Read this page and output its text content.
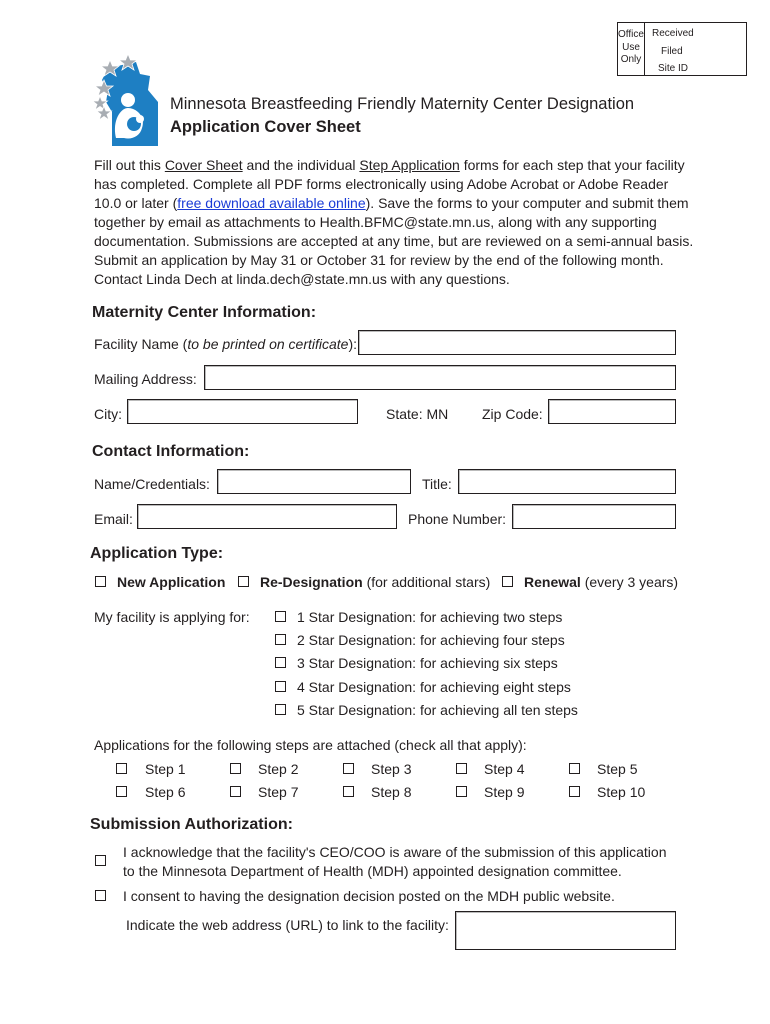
Office
Use
Only
Received
Filed
Site ID
Minnesota Breastfeeding Friendly Maternity Center Designation
Application Cover Sheet
Fill out this Cover Sheet and the individual Step Application forms for each step that your facility has completed. Complete all PDF forms electronically using Adobe Acrobat or Adobe Reader 10.0 or later (free download available online). Save the forms to your computer and submit them together by email as attachments to Health.BFMC@state.mn.us, along with any supporting documentation. Submissions are accepted at any time, but are reviewed on a semi-annual basis. Submit an application by May 31 or October 31 for review by the end of the following month. Contact Linda Dech at linda.dech@state.mn.us with any questions.
Maternity Center Information:
Facility Name (to be printed on certificate):
Mailing Address:
City:	State: MN Zip Code:
Contact Information:
Name/Credentials:	Title:
Email:	Phone Number:
Application Type:
New Application Re-Designation (for additional stars) Renewal (every 3 years)
My facility is applying for:	1 Star Designation: for achieving two steps
2 Star Designation: for achieving four steps
3 Star Designation: for achieving six steps
4 Star Designation: for achieving eight steps
5 Star Designation: for achieving all ten steps
Applications for the following steps are attached (check all that apply):
Step 1	Step 2	Step 3	Step 4	Step 5
Step 6	Step 7	Step 8	Step 9	Step 10
Submission Authorization:
I acknowledge that the facility's CEO/COO is aware of the submission of this application
to the Minnesota Department of Health (MDH) appointed designation committee.
I consent to having the designation decision posted on the MDH public website.
Indicate the web address (URL) to link to the facility:
